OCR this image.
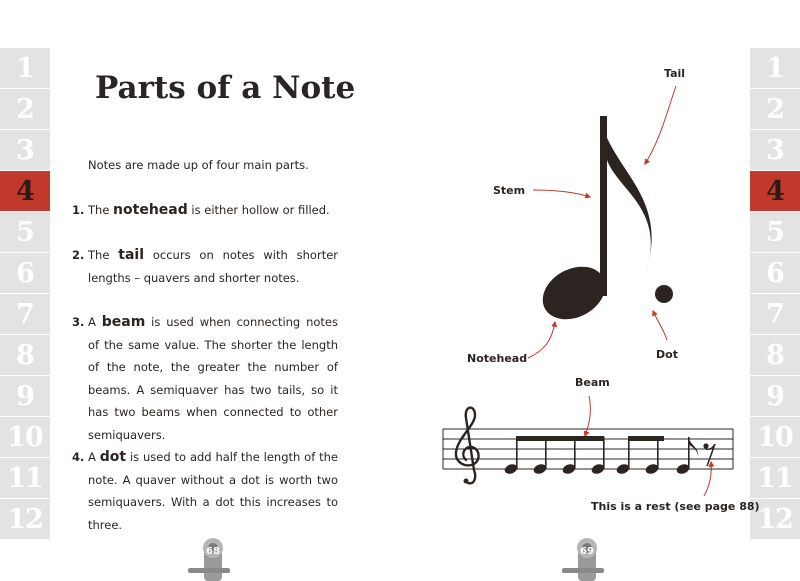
1
2
3
4
5
6
7
8
9
10
11
12
1
2
3
4
5
6
7
8
9
10
11
12
Parts of a Note

Notes are made up of four main parts.

1. The notehead is either hollow or filled.

2. The tail occurs on notes with shorter lengths – quavers and shorter notes.

3. A beam is used when connecting notes of the same value. The shorter the length of the note, the greater the number of beams. A semiquaver has two tails, so it has two beams when connected to other semiquavers.

4. A dot is used to add half the length of the note. A quaver without a dot is worth two semiquavers. With a dot this increases to three.

Tail
Stem
Notehead	Dot
Beam
This is a rest (see page 88)
68	69
